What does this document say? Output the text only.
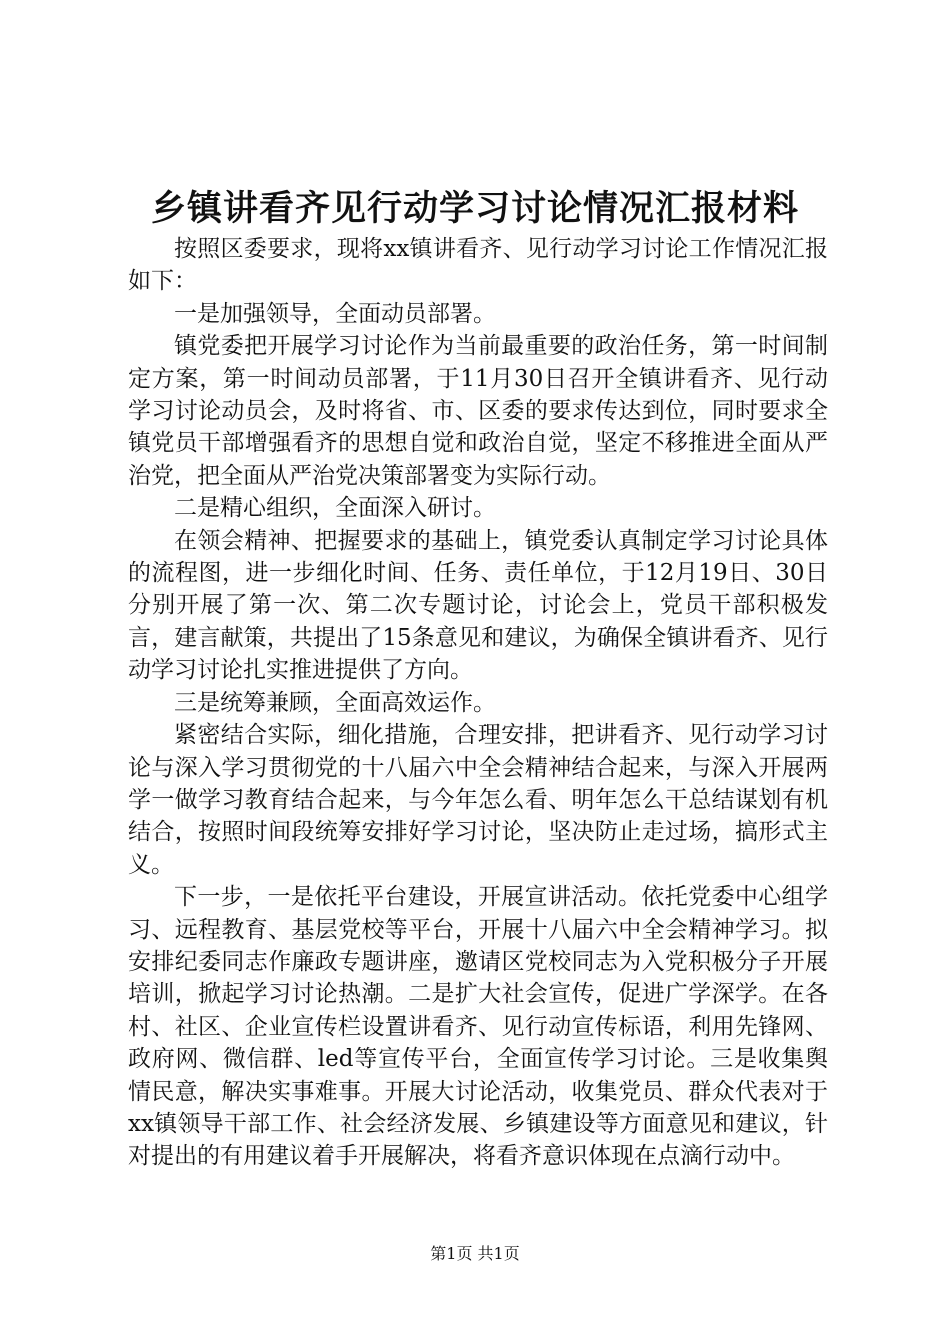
乡镇讲看齐见行动学习讨论情况汇报材料

按照区委要求，现将xx镇讲看齐、见行动学习讨论工作情况汇报如下：

一是加强领导，全面动员部署。

镇党委把开展学习讨论作为当前最重要的政治任务，第一时间制定方案，第一时间动员部署，于11月30日召开全镇讲看齐、见行动学习讨论动员会，及时将省、市、区委的要求传达到位，同时要求全镇党员干部增强看齐的思想自觉和政治自觉，坚定不移推进全面从严治党，把全面从严治党决策部署变为实际行动。

二是精心组织，全面深入研讨。

在领会精神、把握要求的基础上，镇党委认真制定学习讨论具体的流程图，进一步细化时间、任务、责任单位，于12月19日、30日分别开展了第一次、第二次专题讨论，讨论会上，党员干部积极发言，建言献策，共提出了15条意见和建议，为确保全镇讲看齐、见行动学习讨论扎实推进提供了方向。

三是统筹兼顾，全面高效运作。

紧密结合实际，细化措施，合理安排，把讲看齐、见行动学习讨论与深入学习贯彻党的十八届六中全会精神结合起来，与深入开展两学一做学习教育结合起来，与今年怎么看、明年怎么干总结谋划有机结合，按照时间段统筹安排好学习讨论，坚决防止走过场，搞形式主义。

下一步，一是依托平台建设，开展宣讲活动。依托党委中心组学习、远程教育、基层党校等平台，开展十八届六中全会精神学习。拟安排纪委同志作廉政专题讲座，邀请区党校同志为入党积极分子开展培训，掀起学习讨论热潮。二是扩大社会宣传，促进广学深学。在各村、社区、企业宣传栏设置讲看齐、见行动宣传标语，利用先锋网、政府网、微信群、led等宣传平台，全面宣传学习讨论。三是收集舆情民意，解决实事难事。开展大讨论活动，收集党员、群众代表对于xx镇领导干部工作、社会经济发展、乡镇建设等方面意见和建议，针对提出的有用建议着手开展解决，将看齐意识体现在点滴行动中。

第1页 共1页
